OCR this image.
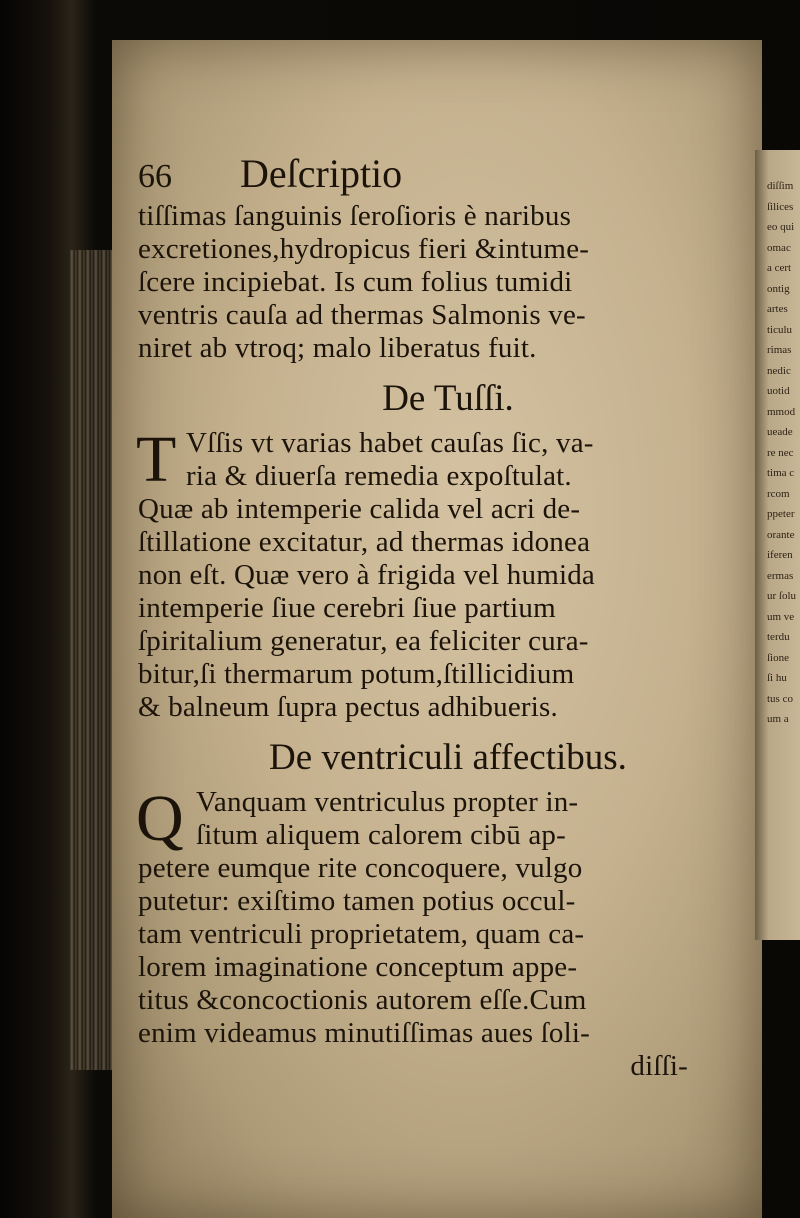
diſſim
ſilices
eo qui
omac
a cert
ontig
artes
ticulu
rimas
nedic
uotid
mmod
ueade
re nec
tima c
rcom
ppeter
orante
iferen
ermas
ur ſolu
um ve
terdu
ſione
ſi hu
tus co
um a
66 Deſcriptio
tiſſimas ſanguinis ſeroſioris è naribus
excretiones,hydropicus fieri &intume-
ſcere incipiebat. Is cum folius tumidi
ventris cauſa ad thermas Salmonis ve-
niret ab vtroq; malo liberatus fuit.
De Tuſſi.
T Vſſis vt varias habet cauſas ſic, va-
ria & diuerſa remedia expoſtulat.
Quæ ab intemperie calida vel acri de-
ſtillatione excitatur, ad thermas idonea
non eſt. Quæ vero à frigida vel humida
intemperie ſiue cerebri ſiue partium
ſpiritalium generatur, ea feliciter cura-
bitur,ſi thermarum potum,ſtillicidium
& balneum ſupra pectus adhibueris.
De ventriculi affectibus.
Q Vanquam ventriculus propter in-
ſitum aliquem calorem cibū ap-
petere eumque rite concoquere, vulgo
putetur: exiſtimo tamen potius occul-
tam ventriculi proprietatem, quam ca-
lorem imaginatione conceptum appe-
titus &concoctionis autorem eſſe.Cum
enim videamus minutiſſimas aues ſoli-
diſſi-
